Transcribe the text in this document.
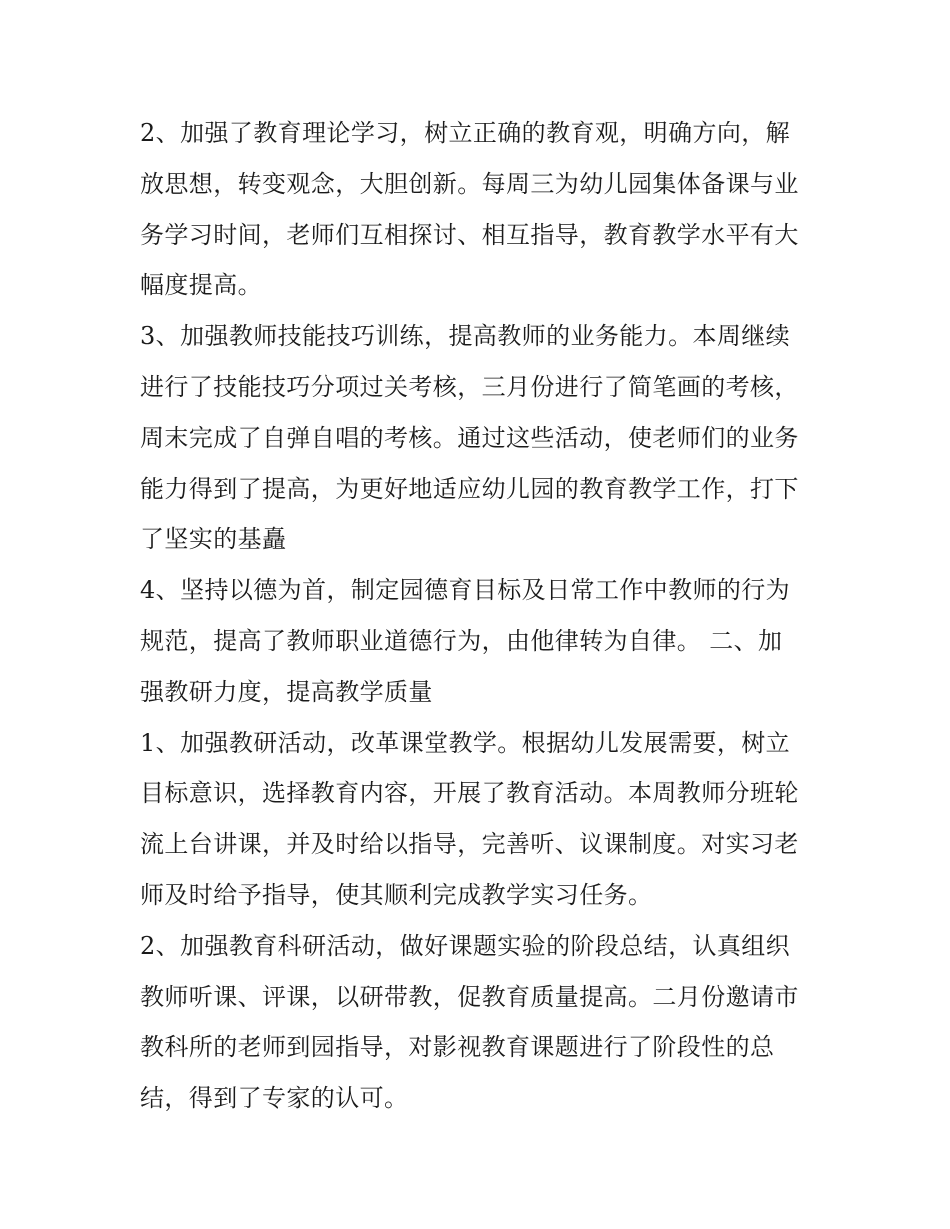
2、加强了教育理论学习，树立正确的教育观，明确方向，解
放思想，转变观念，大胆创新。每周三为幼儿园集体备课与业
务学习时间，老师们互相探讨、相互指导，教育教学水平有大
幅度提高。
3、加强教师技能技巧训练，提高教师的业务能力。本周继续
进行了技能技巧分项过关考核，三月份进行了简笔画的考核，
周末完成了自弹自唱的考核。通过这些活动，使老师们的业务
能力得到了提高，为更好地适应幼儿园的教育教学工作，打下
了坚实的基矗
4、坚持以德为首，制定园德育目标及日常工作中教师的行为
规范，提高了教师职业道德行为，由他律转为自律。 二、加
强教研力度，提高教学质量
1、加强教研活动，改革课堂教学。根据幼儿发展需要，树立
目标意识，选择教育内容，开展了教育活动。本周教师分班轮
流上台讲课，并及时给以指导，完善听、议课制度。对实习老
师及时给予指导，使其顺利完成教学实习任务。
2、加强教育科研活动，做好课题实验的阶段总结，认真组织
教师听课、评课，以研带教，促教育质量提高。二月份邀请市
教科所的老师到园指导，对影视教育课题进行了阶段性的总
结，得到了专家的认可。
